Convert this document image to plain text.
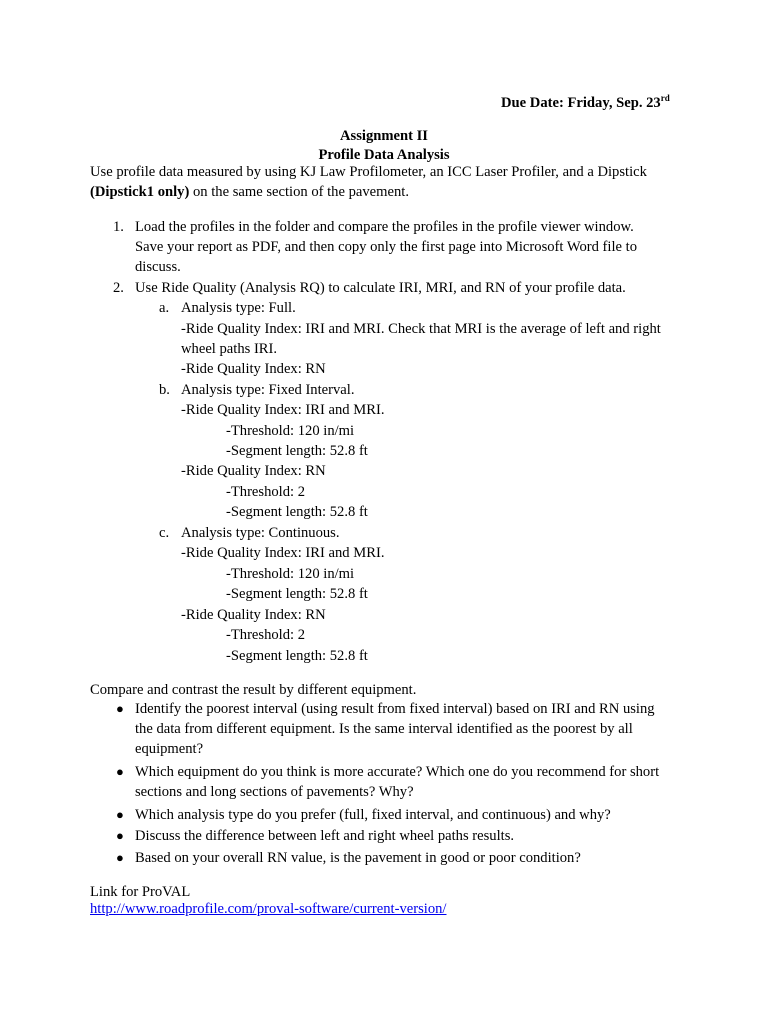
Due Date: Friday, Sep. 23rd
Assignment II
Profile Data Analysis
Use profile data measured by using KJ Law Profilometer, an ICC Laser Profiler, and a Dipstick
(Dipstick1 only) on the same section of the pavement.
1. Load the profiles in the folder and compare the profiles in the profile viewer window.
Save your report as PDF, and then copy only the first page into Microsoft Word file to
discuss.
2. Use Ride Quality (Analysis RQ) to calculate IRI, MRI, and RN of your profile data.
a. Analysis type: Full.
-Ride Quality Index: IRI and MRI. Check that MRI is the average of left and right
wheel paths IRI.
-Ride Quality Index: RN
b. Analysis type: Fixed Interval.
-Ride Quality Index: IRI and MRI.
-Threshold: 120 in/mi
-Segment length: 52.8 ft
-Ride Quality Index: RN
-Threshold: 2
-Segment length: 52.8 ft
c. Analysis type: Continuous.
-Ride Quality Index: IRI and MRI.
-Threshold: 120 in/mi
-Segment length: 52.8 ft
-Ride Quality Index: RN
-Threshold: 2
-Segment length: 52.8 ft
Compare and contrast the result by different equipment.
● Identify the poorest interval (using result from fixed interval) based on IRI and RN using
the data from different equipment. Is the same interval identified as the poorest by all
equipment?
● Which equipment do you think is more accurate? Which one do you recommend for short
sections and long sections of pavements? Why?
● Which analysis type do you prefer (full, fixed interval, and continuous) and why?
● Discuss the difference between left and right wheel paths results.
● Based on your overall RN value, is the pavement in good or poor condition?
Link for ProVAL
http://www.roadprofile.com/proval-software/current-version/
